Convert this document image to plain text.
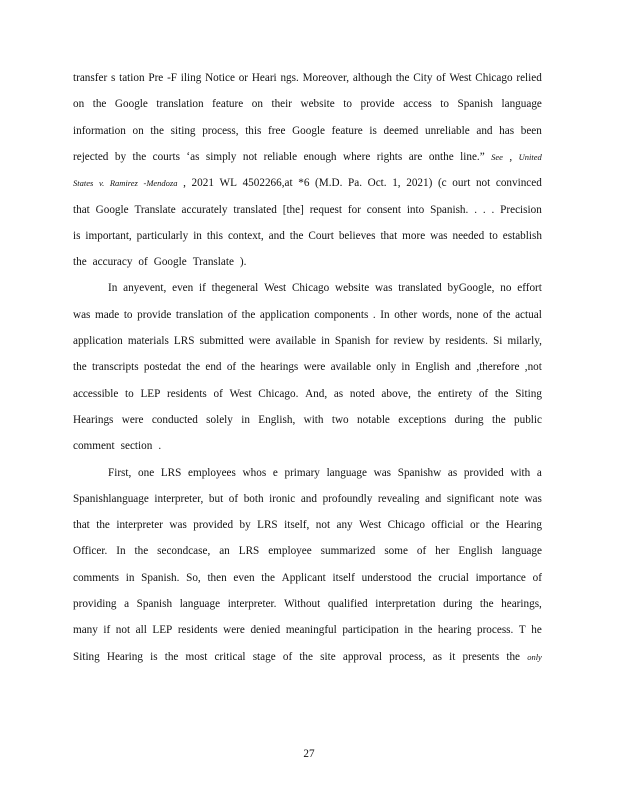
transfer s tation Pre -F iling Notice or Heari ngs. Moreover, although the City of West Chicago relied
on the Google translation feature on their website to provide access to Spanish language
information on the siting process, this free Google feature is deemed unreliable and has been
rejected by the courts ‘as simply not reliable enough where rights are onthe line.” See , United
States v. Ramirez -Mendoza , 2021 WL 4502266,at *6 (M.D. Pa. Oct. 1, 2021) (c ourt not convinced
that Google Translate accurately translated [the] request for consent into Spanish. . . . Precision
is important, particularly in this context, and the Court believes that more was needed to establish
the accuracy of Google Translate ).
In anyevent, even if thegeneral West Chicago website was translated byGoogle, no effort
was made to provide translation of the application components . In other words, none of the actual
application materials LRS submitted were available in Spanish for review by residents. Si milarly,
the transcripts postedat the end of the hearings were available only in English and ,therefore ,not
accessible to LEP residents of West Chicago. And, as noted above, the entirety of the Siting
Hearings were conducted solely in English, with two notable exceptions during the public
comment section .
First, one LRS employees whos e primary language was Spanishw as provided with a
Spanishlanguage interpreter, but of both ironic and profoundly revealing and significant note was
that the interpreter was provided by LRS itself, not any West Chicago official or the Hearing
Officer. In the secondcase, an LRS employee summarized some of her English language
comments in Spanish. So, then even the Applicant itself understood the crucial importance of
providing a Spanish language interpreter. Without qualified interpretation during the hearings,
many if not all LEP residents were denied meaningful participation in the hearing process. T he
Siting Hearing is the most critical stage of the site approval process, as it presents the only
27
